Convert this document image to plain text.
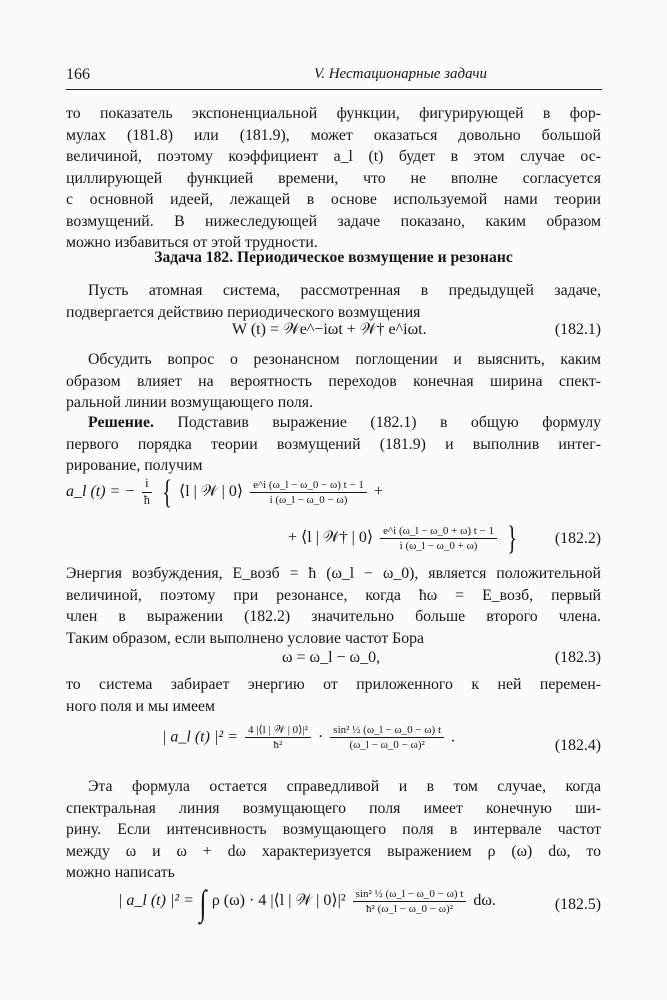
166	V. Нестационарные задачи
то показатель экспоненциальной функции, фигурирующей в фор-
мулах (181.8) или (181.9), может оказаться довольно большой
величиной, поэтому коэффициент a_l (t) будет в этом случае ос-
циллирующей функцией времени, что не вполне согласуется
с основной идеей, лежащей в основе используемой нами теории
возмущений. В нижеследующей задаче показано, каким образом
можно избавиться от этой трудности.
Задача 182. Периодическое возмущение и резонанс
Пусть атомная система, рассмотренная в предыдущей задаче,
подвергается действию периодического возмущения
W (t) = 𝒲e^−iωt + 𝒲† e^iωt.	(182.1)
Обсудить вопрос о резонансном поглощении и выяснить, каким
образом влияет на вероятность переходов конечная ширина спект-
ральной линии возмущающего поля.
Решение. Подставив выражение (182.1) в общую формулу
первого порядка теории возмущений (181.9) и выполнив интег-
рирование, получим
a_l (t) = − $\frac{i}{ħ}$ { ⟨l | 𝒲 | 0⟩ $\frac{e\^{}i (\omega\_l - \omega\_0 - \omega) t - 1}{i (\omega\_l - \omega\_0 - \omega)}$ +
+ ⟨l | 𝒲† | 0⟩ $\frac{e\^{}i (\omega\_l - \omega\_0 + \omega) t - 1}{i (\omega\_l - \omega\_0 + \omega)}$ } (182.2)
Энергия возбуждения, E_возб = ħ (ω_l − ω_0), является положительной
величиной, поэтому при резонансе, когда ħω = E_возб, первый
член в выражении (182.2) значительно больше второго члена.
Таким образом, если выполнено условие частот Бора
ω = ω_l − ω_0,	(182.3)
то система забирает энергию от приложенного к ней перемен-
ного поля и мы имеем
| a_l (t) $|^2 = \frac{\text{4 |⟨l | 𝒲 | 0⟩|²}}{\text{ħ²}} \cdot \frac{\text{sin² ½ (ω\_l − ω\_0 − ω) t}}{\text{(ω\_l − ω\_0 − ω)²}}$ .
(182.4)
Эта формула остается справедливой и в том случае, когда
спектральная линия возмущающего поля имеет конечную ши-
рину. Если интенсивность возмущающего поля в интервале частот
между ω и ω + dω характеризуется выражением ρ (ω) dω, то
можно написать
| a_l (t) |² = ∫ ρ (ω) · 4 |⟨l | 𝒲 | 0⟩|² $\frac{\text{sin² ½ (ω\_l − ω\_0 − ω) t}}{\text{ħ² (ω\_l − ω\_0 − ω)²}} d\omega$.	(182.5)
